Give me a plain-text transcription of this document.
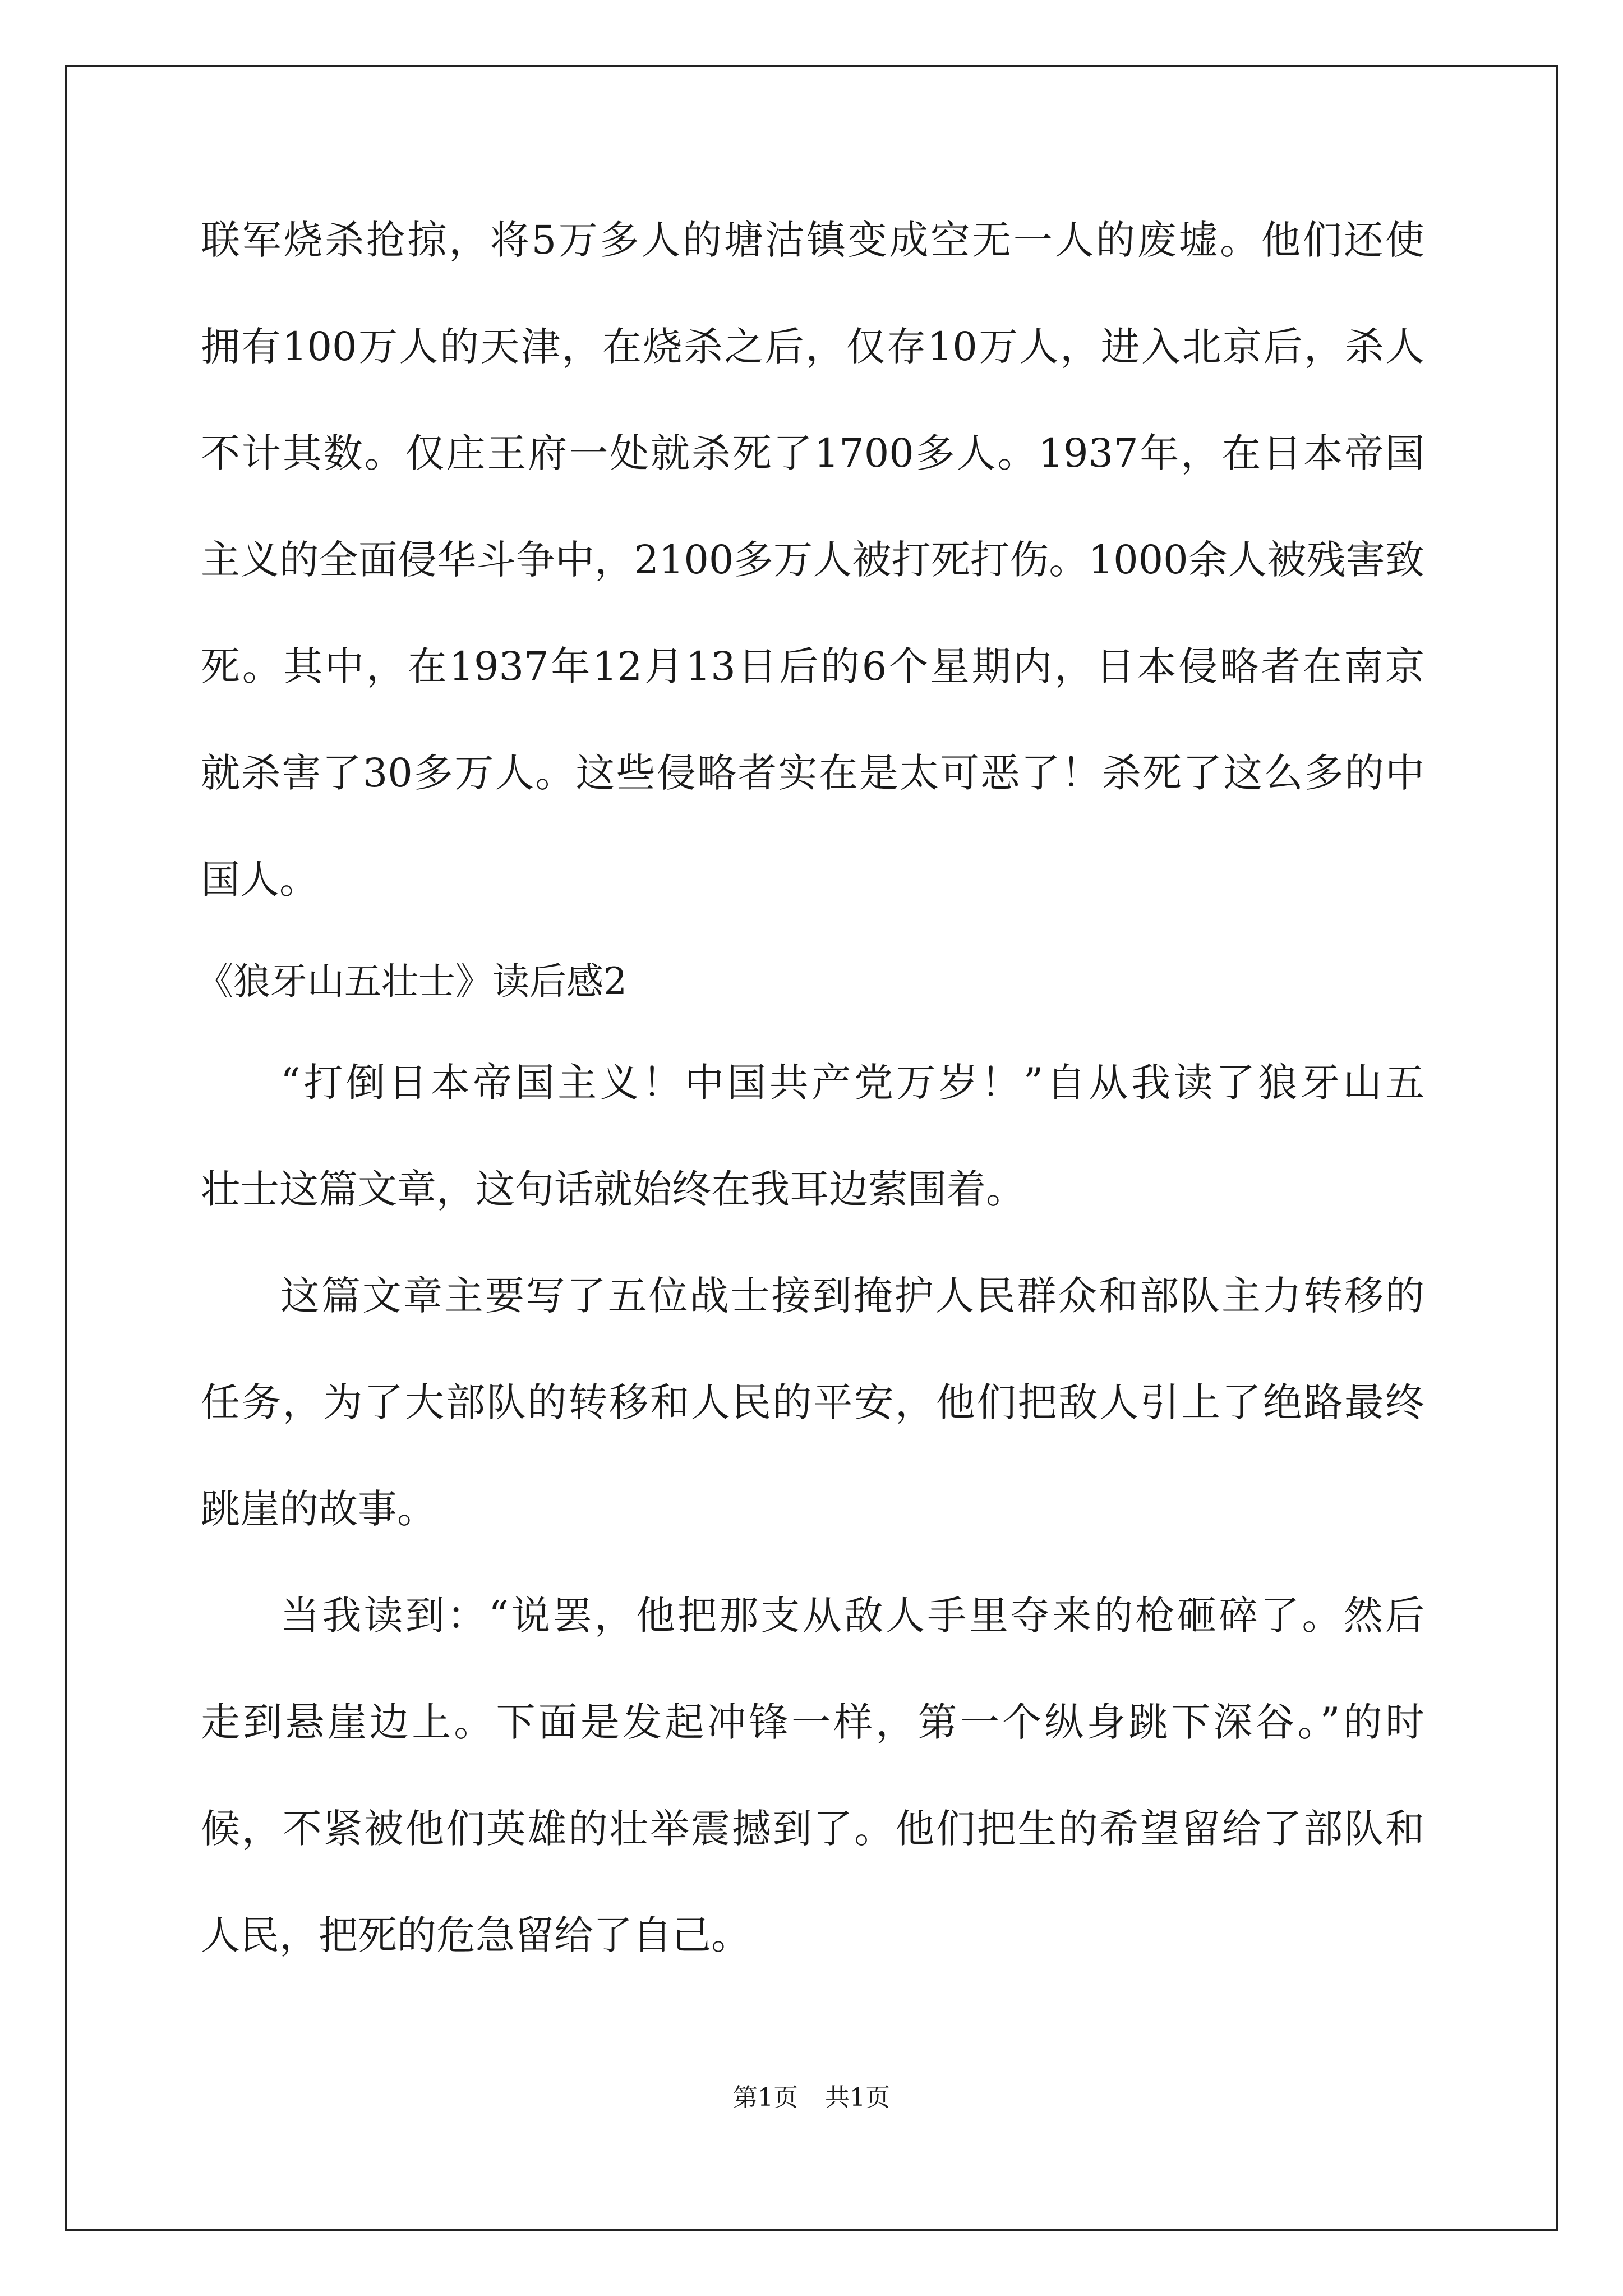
联军烧杀抢掠，将5万多人的塘沽镇变成空无一人的废墟。他们还使
拥有100万人的天津，在烧杀之后，仅存10万人，进入北京后，杀人
不计其数。仅庄王府一处就杀死了1700多人。1937年，在日本帝国
主义的全面侵华斗争中，2100多万人被打死打伤。1000余人被残害致
死。其中，在1937年12月13日后的6个星期内，日本侵略者在南京
就杀害了30多万人。这些侵略者实在是太可恶了！杀死了这么多的中
国人。
《狼牙山五壮士》读后感2
“打倒日本帝国主义！中国共产党万岁！”自从我读了狼牙山五
壮士这篇文章，这句话就始终在我耳边萦围着。
这篇文章主要写了五位战士接到掩护人民群众和部队主力转移的
任务，为了大部队的转移和人民的平安，他们把敌人引上了绝路最终
跳崖的故事。
当我读到：“说罢，他把那支从敌人手里夺来的枪砸碎了。然后
走到悬崖边上。下面是发起冲锋一样，第一个纵身跳下深谷。”的时
候，不紧被他们英雄的壮举震撼到了。他们把生的希望留给了部队和
人民，把死的危急留给了自己。
第1页 共1页
